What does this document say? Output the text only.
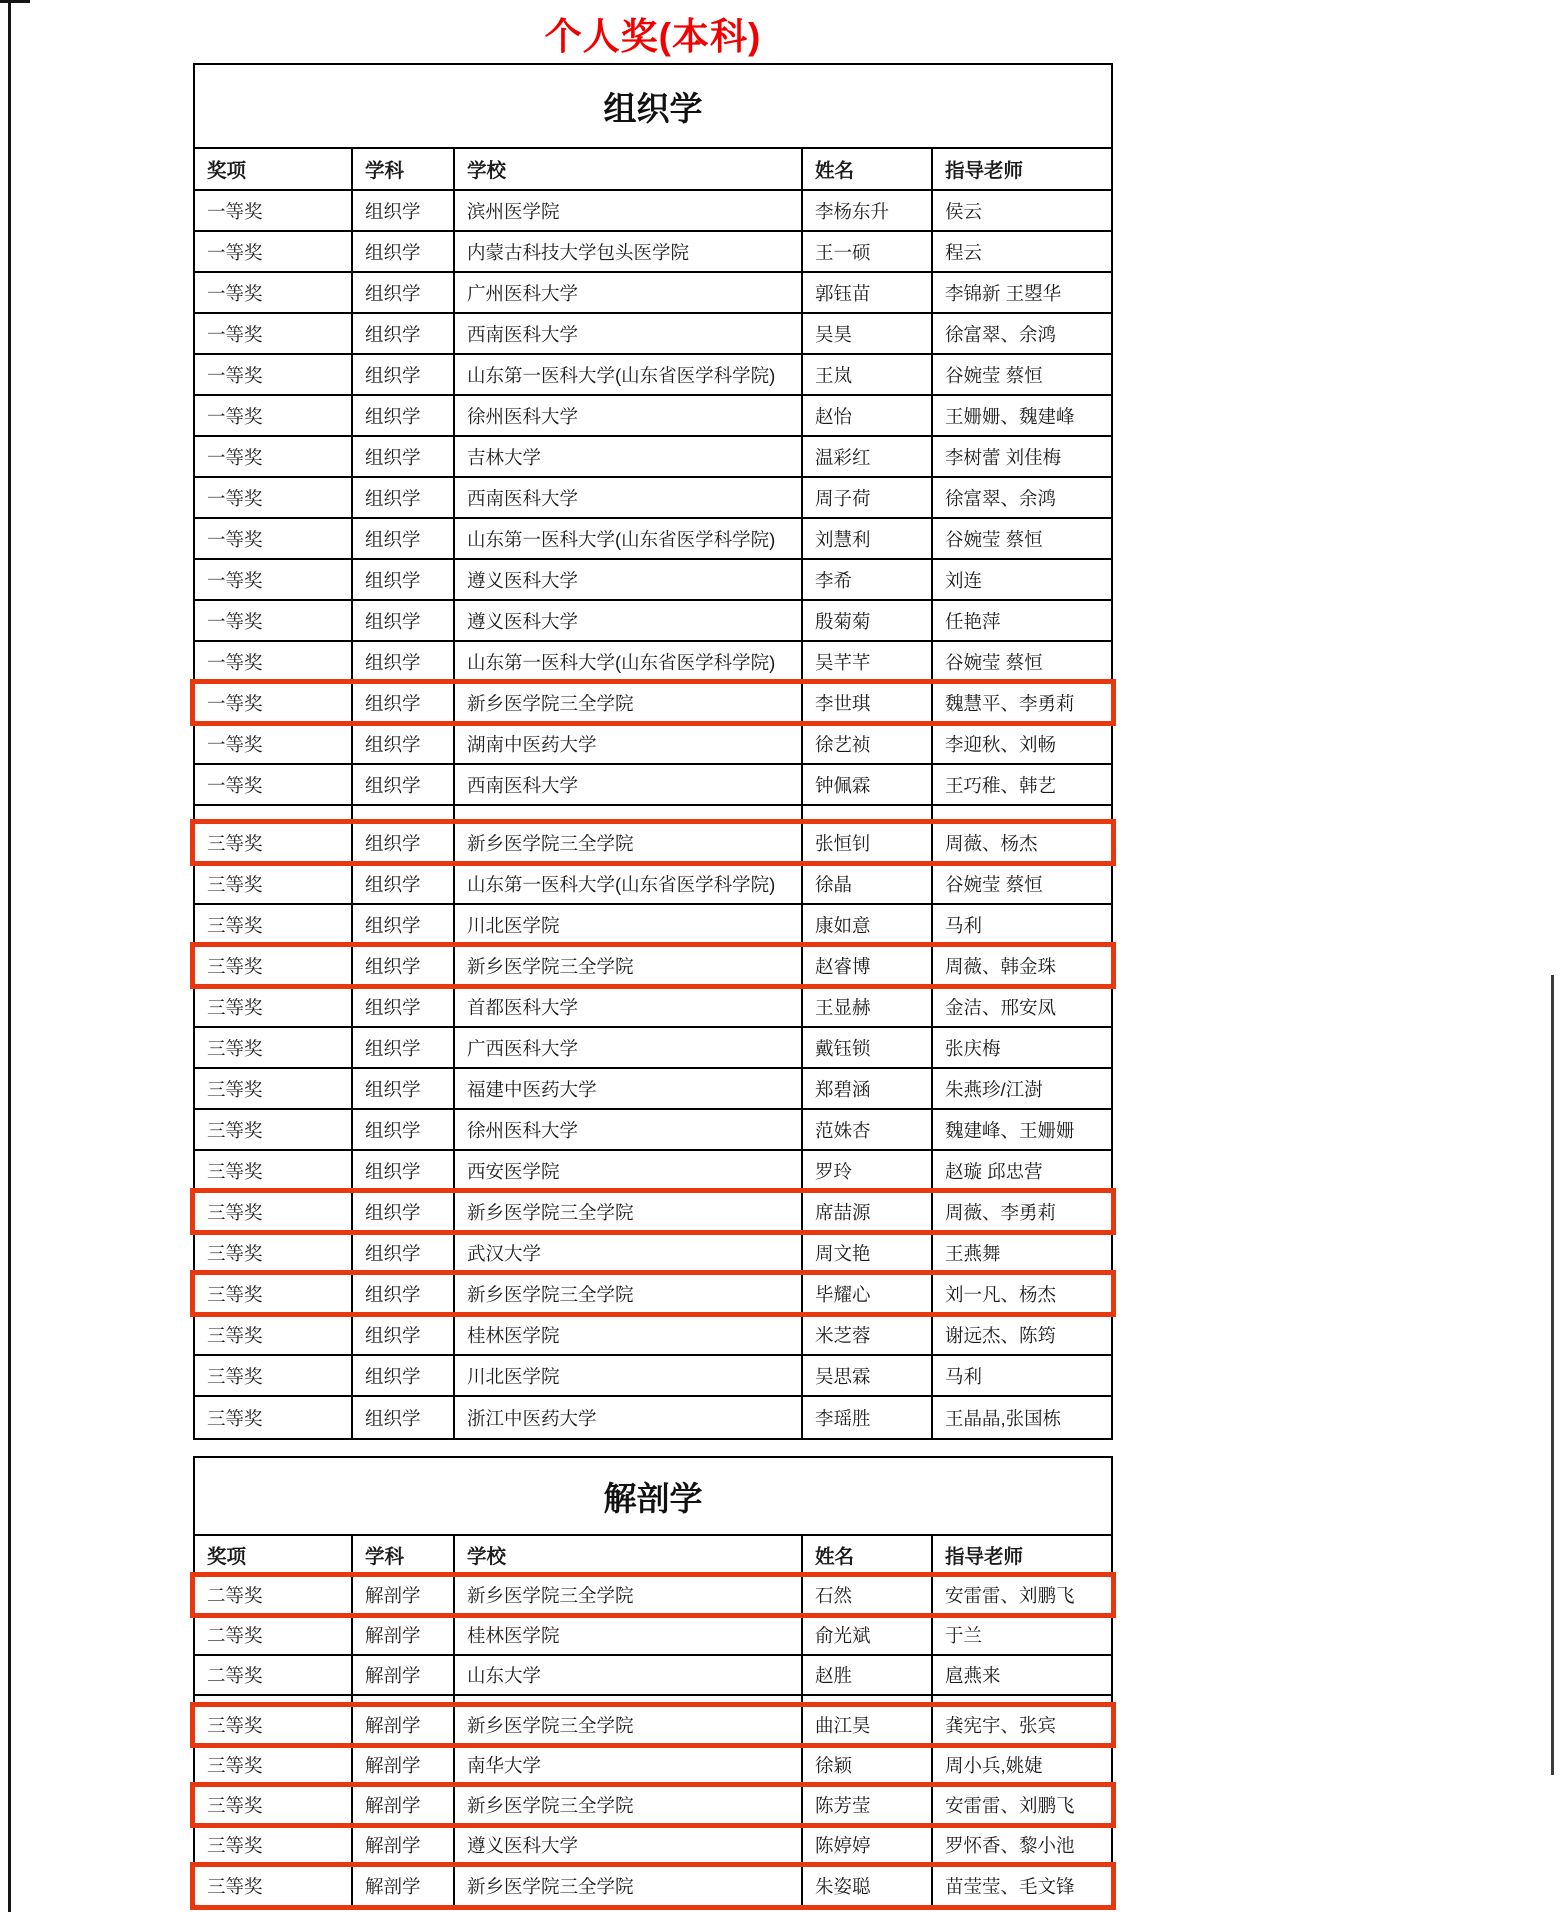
个人奖(本科)
组织学
奖项	学科	学校	姓名	指导老师
一等奖	组织学	滨州医学院	李杨东升	侯云
一等奖	组织学	内蒙古科技大学包头医学院	王一硕	程云
一等奖	组织学	广州医科大学	郭钰苗	李锦新 王曌华
一等奖	组织学	西南医科大学	吴昊	徐富翠、余鸿
一等奖	组织学	山东第一医科大学(山东省医学科学院)	王岚	谷婉莹 蔡恒
一等奖	组织学	徐州医科大学	赵怡	王姗姗、魏建峰
一等奖	组织学	吉林大学	温彩红	李树蕾 刘佳梅
一等奖	组织学	西南医科大学	周子荷	徐富翠、余鸿
一等奖	组织学	山东第一医科大学(山东省医学科学院)	刘慧利	谷婉莹 蔡恒
一等奖	组织学	遵义医科大学	李希	刘连
一等奖	组织学	遵义医科大学	殷菊菊	任艳萍
一等奖	组织学	山东第一医科大学(山东省医学科学院)	吴芊芊	谷婉莹 蔡恒
一等奖	组织学	新乡医学院三全学院	李世琪	魏慧平、李勇莉
一等奖	组织学	湖南中医药大学	徐艺祯	李迎秋、刘畅
一等奖	组织学	西南医科大学	钟佩霖	王巧稚、韩艺
三等奖	组织学	新乡医学院三全学院	张恒钊	周薇、杨杰
三等奖	组织学	山东第一医科大学(山东省医学科学院)	徐晶	谷婉莹 蔡恒
三等奖	组织学	川北医学院	康如意	马利
三等奖	组织学	新乡医学院三全学院	赵睿博	周薇、韩金珠
三等奖	组织学	首都医科大学	王显赫	金洁、邢安凤
三等奖	组织学	广西医科大学	戴钰锁	张庆梅
三等奖	组织学	福建中医药大学	郑碧涵	朱燕珍/江澍
三等奖	组织学	徐州医科大学	范姝杏	魏建峰、王姗姗
三等奖	组织学	西安医学院	罗玲	赵璇 邱忠营
三等奖	组织学	新乡医学院三全学院	席喆源	周薇、李勇莉
三等奖	组织学	武汉大学	周文艳	王燕舞
三等奖	组织学	新乡医学院三全学院	毕耀心	刘一凡、杨杰
三等奖	组织学	桂林医学院	米芝蓉	谢远杰、陈筠
三等奖	组织学	川北医学院	吴思霖	马利
三等奖	组织学	浙江中医药大学	李瑶胜	王晶晶,张国栋
解剖学
奖项	学科	学校	姓名	指导老师
二等奖	解剖学	新乡医学院三全学院	石然	安雷雷、刘鹏飞
二等奖	解剖学	桂林医学院	俞光斌	于兰
二等奖	解剖学	山东大学	赵胜	扈燕来
三等奖	解剖学	新乡医学院三全学院	曲江昊	龚宪宇、张宾
三等奖	解剖学	南华大学	徐颖	周小兵,姚婕
三等奖	解剖学	新乡医学院三全学院	陈芳莹	安雷雷、刘鹏飞
三等奖	解剖学	遵义医科大学	陈婷婷	罗怀香、黎小池
三等奖	解剖学	新乡医学院三全学院	朱姿聪	苗莹莹、毛文锋
